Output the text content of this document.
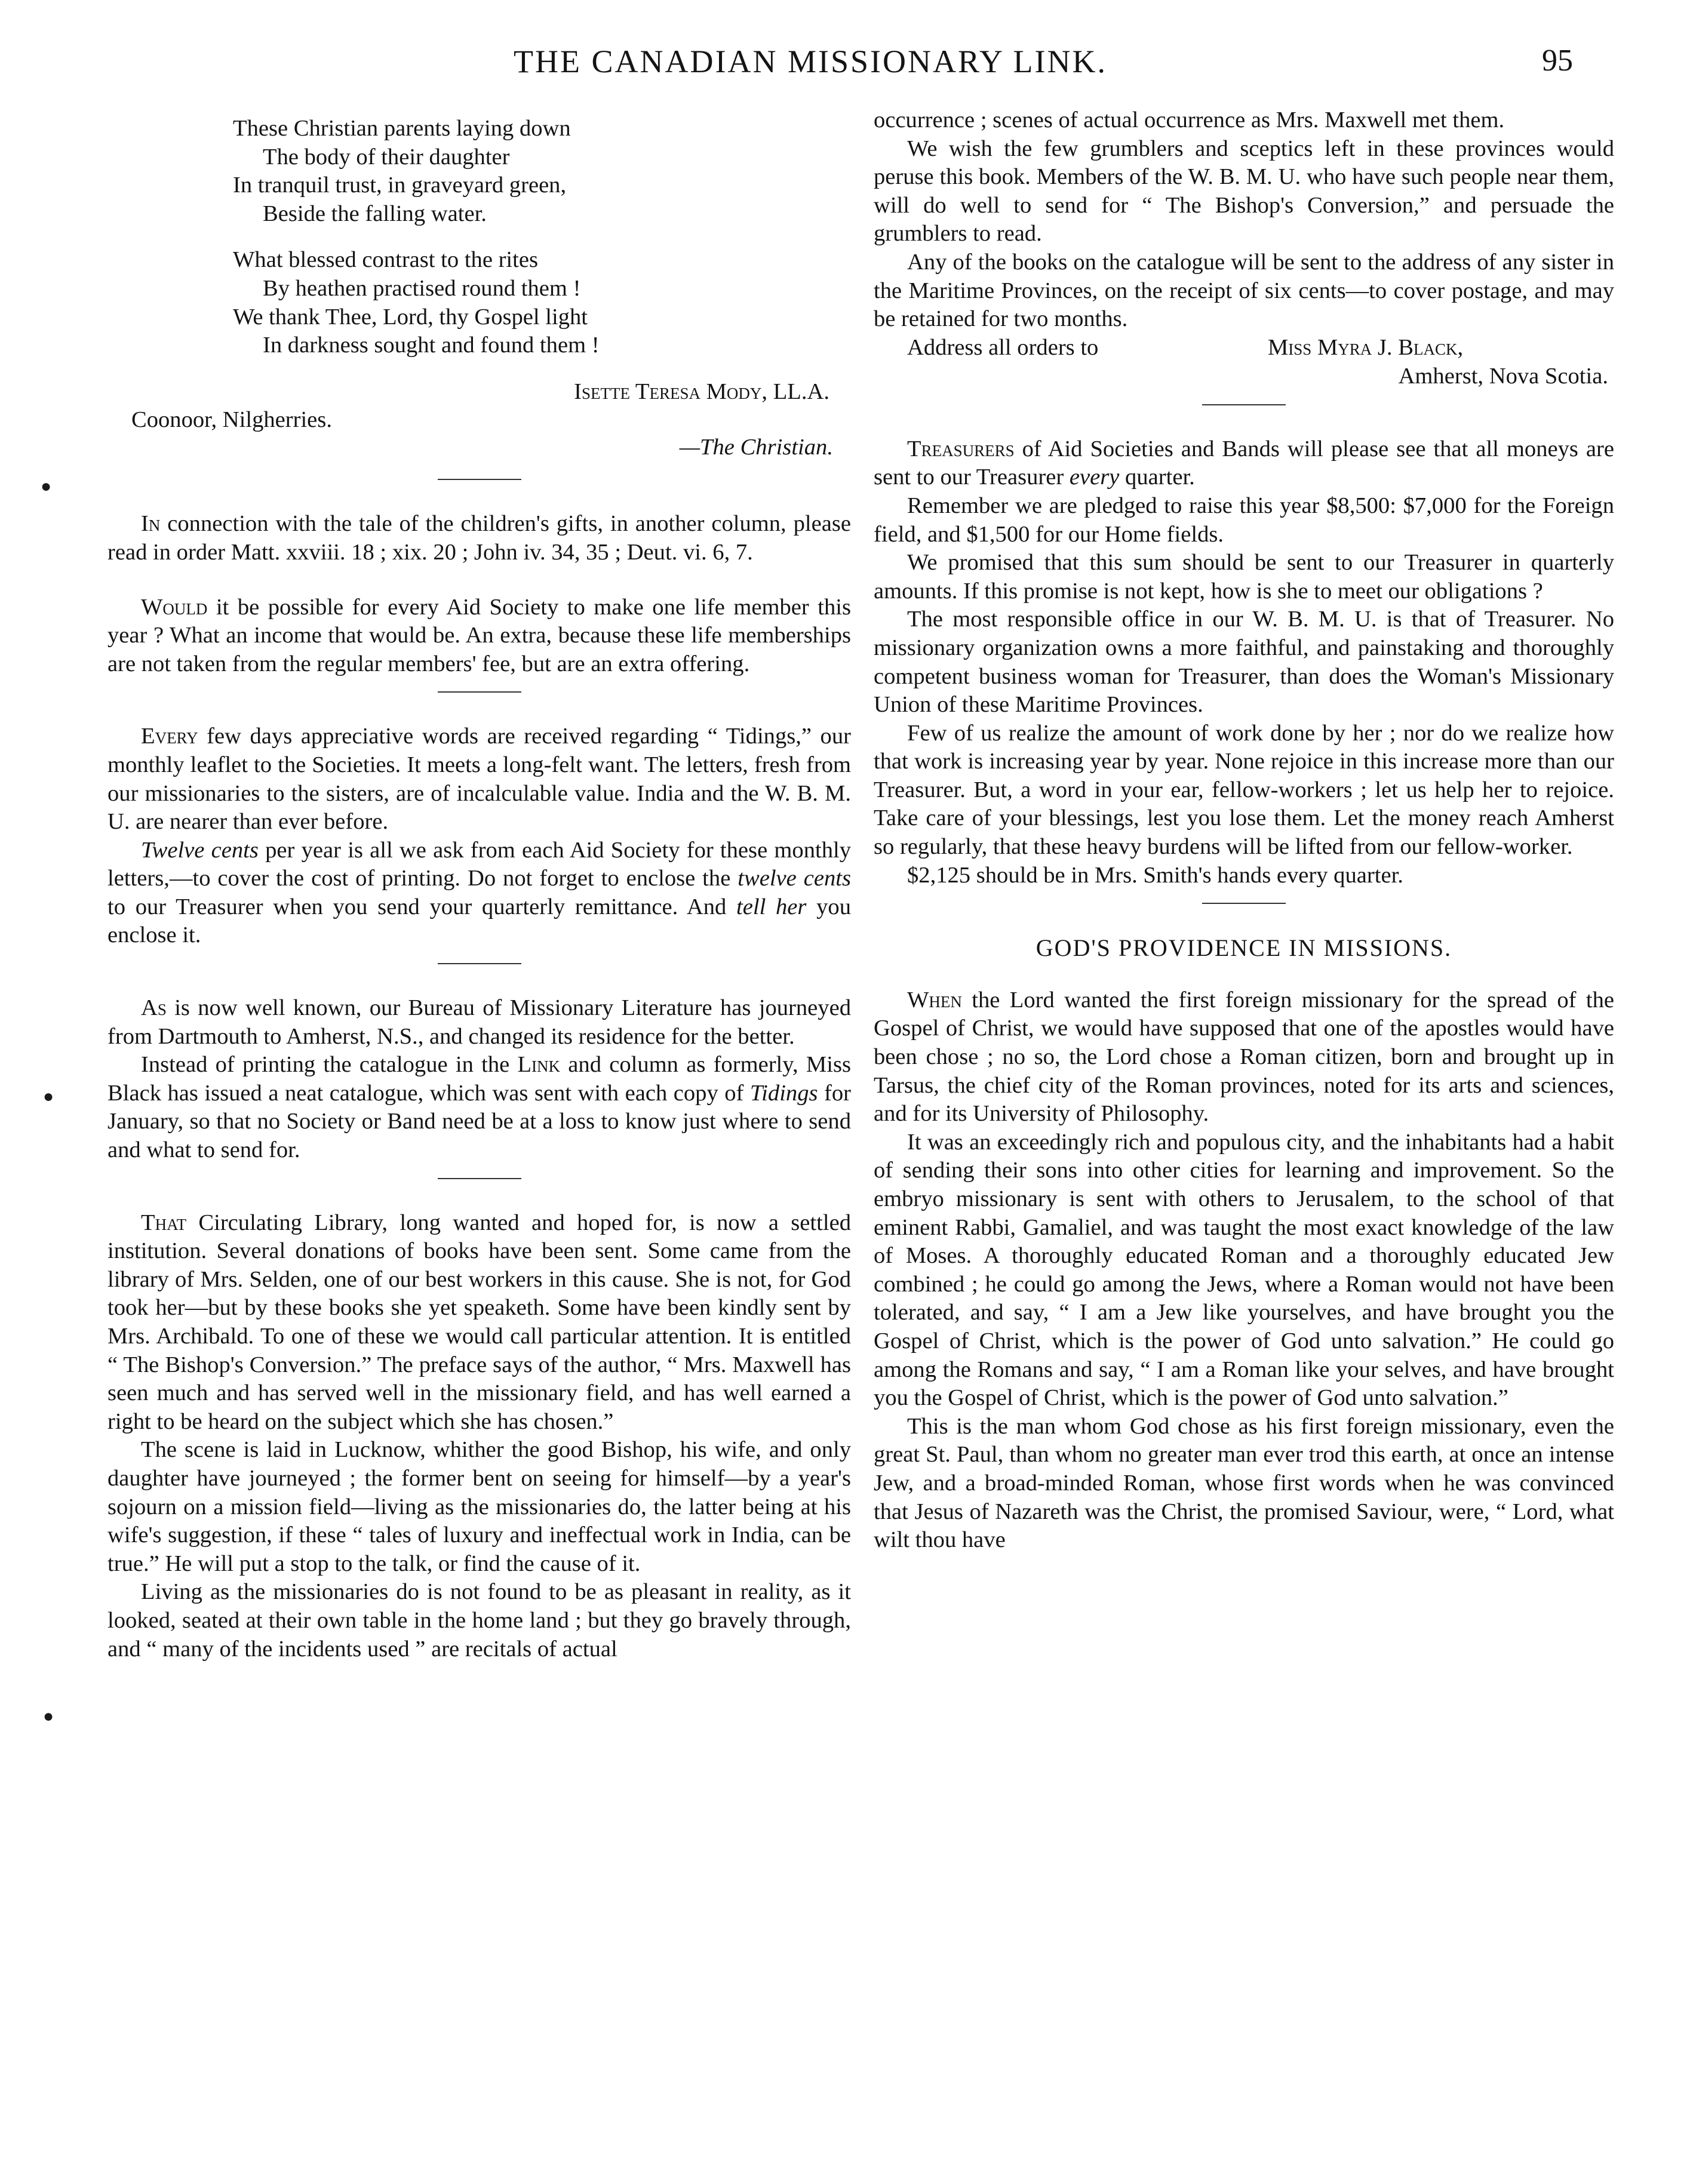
THE CANADIAN MISSIONARY LINK.	95
●
●
●
These Christian parents laying down
The body of their daughter
In tranquil trust, in graveyard green,
Beside the falling water.
What blessed contrast to the rites
By heathen practised round them !
We thank Thee, Lord, thy Gospel light
In darkness sought and found them !
Isette Teresa Mody, LL.A.
Coonoor, Nilgherries.
—The Christian.

In connection with the tale of the children's gifts, in another column, please read in order Matt. xxviii. 18 ; xix. 20 ; John iv. 34, 35 ; Deut. vi. 6, 7.

Would it be possible for every Aid Society to make one life member this year ? What an income that would be. An extra, because these life memberships are not taken from the regular members' fee, but are an extra offering.

Every few days appreciative words are received regarding “ Tidings,” our monthly leaflet to the Societies. It meets a long-felt want. The letters, fresh from our missionaries to the sisters, are of incalculable value. India and the W. B. M. U. are nearer than ever before.

Twelve cents per year is all we ask from each Aid Society for these monthly letters,—to cover the cost of printing. Do not forget to enclose the twelve cents to our Treasurer when you send your quarterly remittance. And tell her you enclose it.

As is now well known, our Bureau of Missionary Literature has journeyed from Dartmouth to Amherst, N.S., and changed its residence for the better.

Instead of printing the catalogue in the Link and column as formerly, Miss Black has issued a neat catalogue, which was sent with each copy of Tidings for January, so that no Society or Band need be at a loss to know just where to send and what to send for.

That Circulating Library, long wanted and hoped for, is now a settled institution. Several donations of books have been sent. Some came from the library of Mrs. Selden, one of our best workers in this cause. She is not, for God took her—but by these books she yet speaketh. Some have been kindly sent by Mrs. Archibald. To one of these we would call particular attention. It is entitled “ The Bishop's Conversion.” The preface says of the author, “ Mrs. Maxwell has seen much and has served well in the missionary field, and has well earned a right to be heard on the subject which she has chosen.”

The scene is laid in Lucknow, whither the good Bishop, his wife, and only daughter have journeyed ; the former bent on seeing for himself—by a year's sojourn on a mission field—living as the missionaries do, the latter being at his wife's suggestion, if these “ tales of luxury and ineffectual work in India, can be true.” He will put a stop to the talk, or find the cause of it.

Living as the missionaries do is not found to be as pleasant in reality, as it looked, seated at their own table in the home land ; but they go bravely through, and “ many of the incidents used ” are recitals of actual

occurrence ; scenes of actual occurrence as Mrs. Maxwell met them.

We wish the few grumblers and sceptics left in these provinces would peruse this book. Members of the W. B. M. U. who have such people near them, will do well to send for “ The Bishop's Conversion,” and persuade the grumblers to read.

Any of the books on the catalogue will be sent to the address of any sister in the Maritime Provinces, on the receipt of six cents—to cover postage, and may be retained for two months.

Address all orders to	Miss Myra J. Black,
Amherst, Nova Scotia.

Treasurers of Aid Societies and Bands will please see that all moneys are sent to our Treasurer every quarter.

Remember we are pledged to raise this year $8,500: $7,000 for the Foreign field, and $1,500 for our Home fields.

We promised that this sum should be sent to our Treasurer in quarterly amounts. If this promise is not kept, how is she to meet our obligations ?

The most responsible office in our W. B. M. U. is that of Treasurer. No missionary organization owns a more faithful, and painstaking and thoroughly competent business woman for Treasurer, than does the Woman's Missionary Union of these Maritime Provinces.

Few of us realize the amount of work done by her ; nor do we realize how that work is increasing year by year. None rejoice in this increase more than our Treasurer. But, a word in your ear, fellow-workers ; let us help her to rejoice. Take care of your blessings, lest you lose them. Let the money reach Amherst so regularly, that these heavy burdens will be lifted from our fellow-worker.

$2,125 should be in Mrs. Smith's hands every quarter.

GOD'S PROVIDENCE IN MISSIONS.

When the Lord wanted the first foreign missionary for the spread of the Gospel of Christ, we would have supposed that one of the apostles would have been chose ; no so, the Lord chose a Roman citizen, born and brought up in Tarsus, the chief city of the Roman provinces, noted for its arts and sciences, and for its University of Philosophy.

It was an exceedingly rich and populous city, and the inhabitants had a habit of sending their sons into other cities for learning and improvement. So the embryo missionary is sent with others to Jerusalem, to the school of that eminent Rabbi, Gamaliel, and was taught the most exact knowledge of the law of Moses. A thoroughly educated Roman and a thoroughly educated Jew combined ; he could go among the Jews, where a Roman would not have been tolerated, and say, “ I am a Jew like yourselves, and have brought you the Gospel of Christ, which is the power of God unto salvation.” He could go among the Romans and say, “ I am a Roman like your selves, and have brought you the Gospel of Christ, which is the power of God unto salvation.”

This is the man whom God chose as his first foreign missionary, even the great St. Paul, than whom no greater man ever trod this earth, at once an intense Jew, and a broad-minded Roman, whose first words when he was convinced that Jesus of Nazareth was the Christ, the promised Saviour, were, “ Lord, what wilt thou have
